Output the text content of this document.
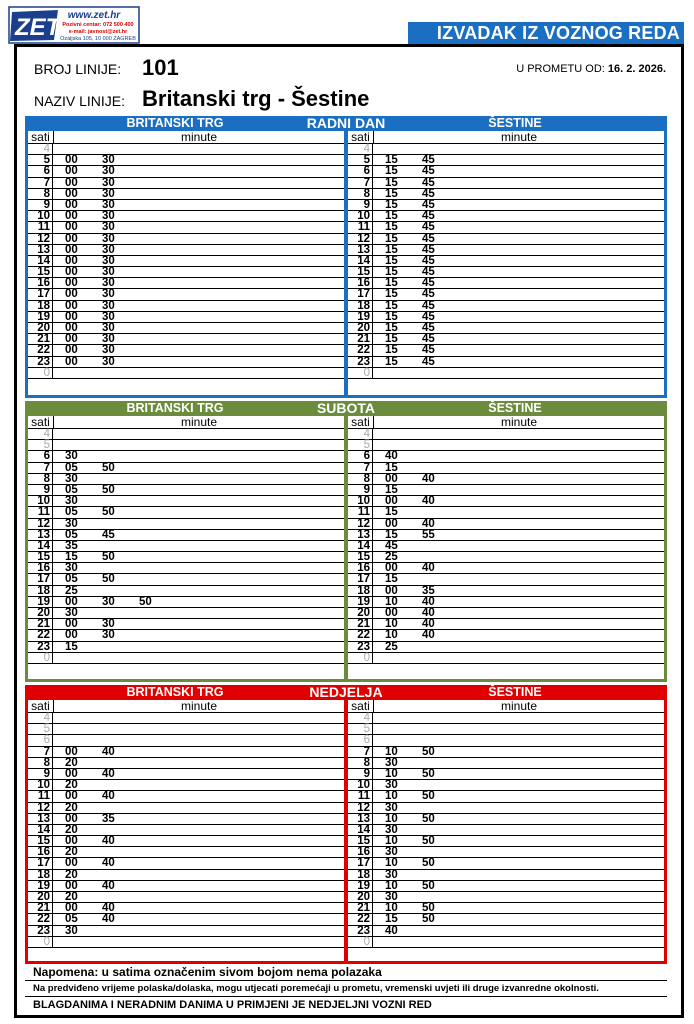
ZET www.zet.hr
Pozivni centar: 072 500 400
e-mail: javnost@zet.hr
Ozaljska 105, 10 000 ZAGREB	IZVADAK IZ VOZNOG REDA
BROJ LINIJE: 101	U PROMETU OD: 16. 2. 2026.
NAZIV LINIJE: Britanski trg - Šestine
BRITANSKI TRG	RADNI DAN	ŠESTINE
sati	minute
4
5 00	30
6 00	30
7 00	30
8 00	30
9 00	30
10 00	30
11 00	30
12 00	30
13 00	30
14 00	30
15 00	30
16 00	30
17 00	30
18 00	30
19 00	30
20 00	30
21 00	30
22 00	30
23 00	30
0
sati	minute
4
5 15	45
6 15	45
7 15	45
8 15	45
9 15	45
10 15	45
11 15	45
12 15	45
13 15	45
14 15	45
15 15	45
16 15	45
17 15	45
18 15	45
19 15	45
20 15	45
21 15	45
22 15	45
23 15	45
0
BRITANSKI TRG	SUBOTA	ŠESTINE
sati	minute
4
5
6 30
7 05	50
8 30
9 05	50
10 30
11 05	50
12 30
13 05	45
14 35
15 15	50
16 30
17 05	50
18 25
19 00	30	50
20 30
21 00	30
22 00	30
23 15
0
sati	minute
4
5
6 40
7 15
8 00	40
9 15
10 00	40
11 15
12 00	40
13 15	55
14 45
15 25
16 00	40
17 15
18 00	35
19 10	40
20 00	40
21 10	40
22 10	40
23 25
0
BRITANSKI TRG	NEDJELJA	ŠESTINE
sati	minute
4
5
6
7 00	40
8 20
9 00	40
10 20
11 00	40
12 20
13 00	35
14 20
15 00	40
16 20
17 00	40
18 20
19 00	40
20 20
21 00	40
22 05	40
23 30
0
sati	minute
4
5
6
7 10	50
8 30
9 10	50
10 30
11 10	50
12 30
13 10	50
14 30
15 10	50
16 30
17 10	50
18 30
19 10	50
20 30
21 10	50
22 15	50
23 40
0
Napomena: u satima označenim sivom bojom nema polazaka
Na predviđeno vrijeme polaska/dolaska, mogu utjecati poremećaji u prometu, vremenski uvjeti ili druge izvanredne okolnosti.
BLAGDANIMA I NERADNIM DANIMA U PRIMJENI JE NEDJELJNI VOZNI RED
